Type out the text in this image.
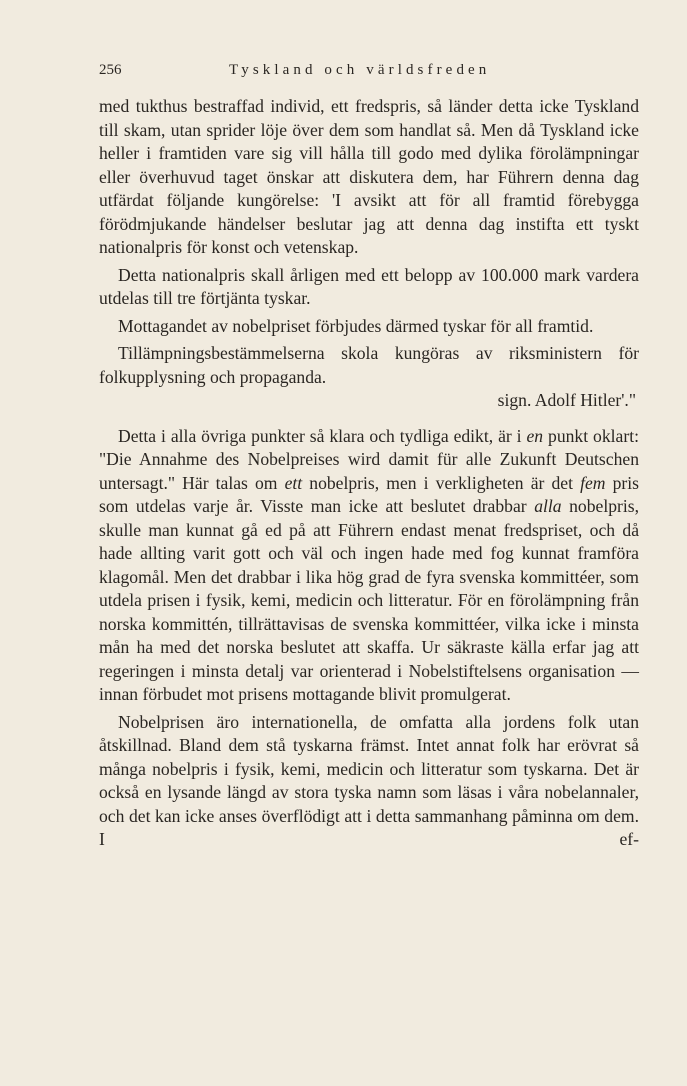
256	Tyskland och världsfreden

med tukthus bestraffad individ, ett fredspris, så länder detta icke Tyskland till skam, utan sprider löje över dem som handlat så. Men då Tyskland icke heller i framtiden vare sig vill hålla till godo med dylika förolämpningar eller överhuvud taget önskar att diskutera dem, har Führern denna dag utfärdat följande kungörelse: 'I avsikt att för all framtid förebygga förödmjukande händelser beslutar jag att denna dag instifta ett tyskt nationalpris för konst och vetenskap.

Detta nationalpris skall årligen med ett belopp av 100.000 mark vardera utdelas till tre förtjänta tyskar.

Mottagandet av nobelpriset förbjudes därmed tyskar för all framtid.

Tillämpningsbestämmelserna skola kungöras av riksministern för folkupplysning och propaganda.

sign. Adolf Hitler'."

Detta i alla övriga punkter så klara och tydliga edikt, är i en punkt oklart: "Die Annahme des Nobelpreises wird damit für alle Zukunft Deutschen untersagt." Här talas om ett nobelpris, men i verkligheten är det fem pris som utdelas varje år. Visste man icke att beslutet drabbar alla nobelpris, skulle man kunnat gå ed på att Führern endast menat fredspriset, och då hade allting varit gott och väl och ingen hade med fog kunnat framföra klagomål. Men det drabbar i lika hög grad de fyra svenska kommittéer, som utdela prisen i fysik, kemi, medicin och litteratur. För en förolämpning från norska kommittén, tillrättavisas de svenska kommittéer, vilka icke i minsta mån ha med det norska beslutet att skaffa. Ur säkraste källa erfar jag att regeringen i minsta detalj var orienterad i Nobelstiftelsens organisation — innan förbudet mot prisens mottagande blivit promulgerat.

Nobelprisen äro internationella, de omfatta alla jordens folk utan åtskillnad. Bland dem stå tyskarna främst. Intet annat folk har erövrat så många nobelpris i fysik, kemi, medicin och litteratur som tyskarna. Det är också en lysande längd av stora tyska namn som läsas i våra nobelannaler, och det kan icke anses överflödigt att i detta sammanhang påminna om dem. I ef-
